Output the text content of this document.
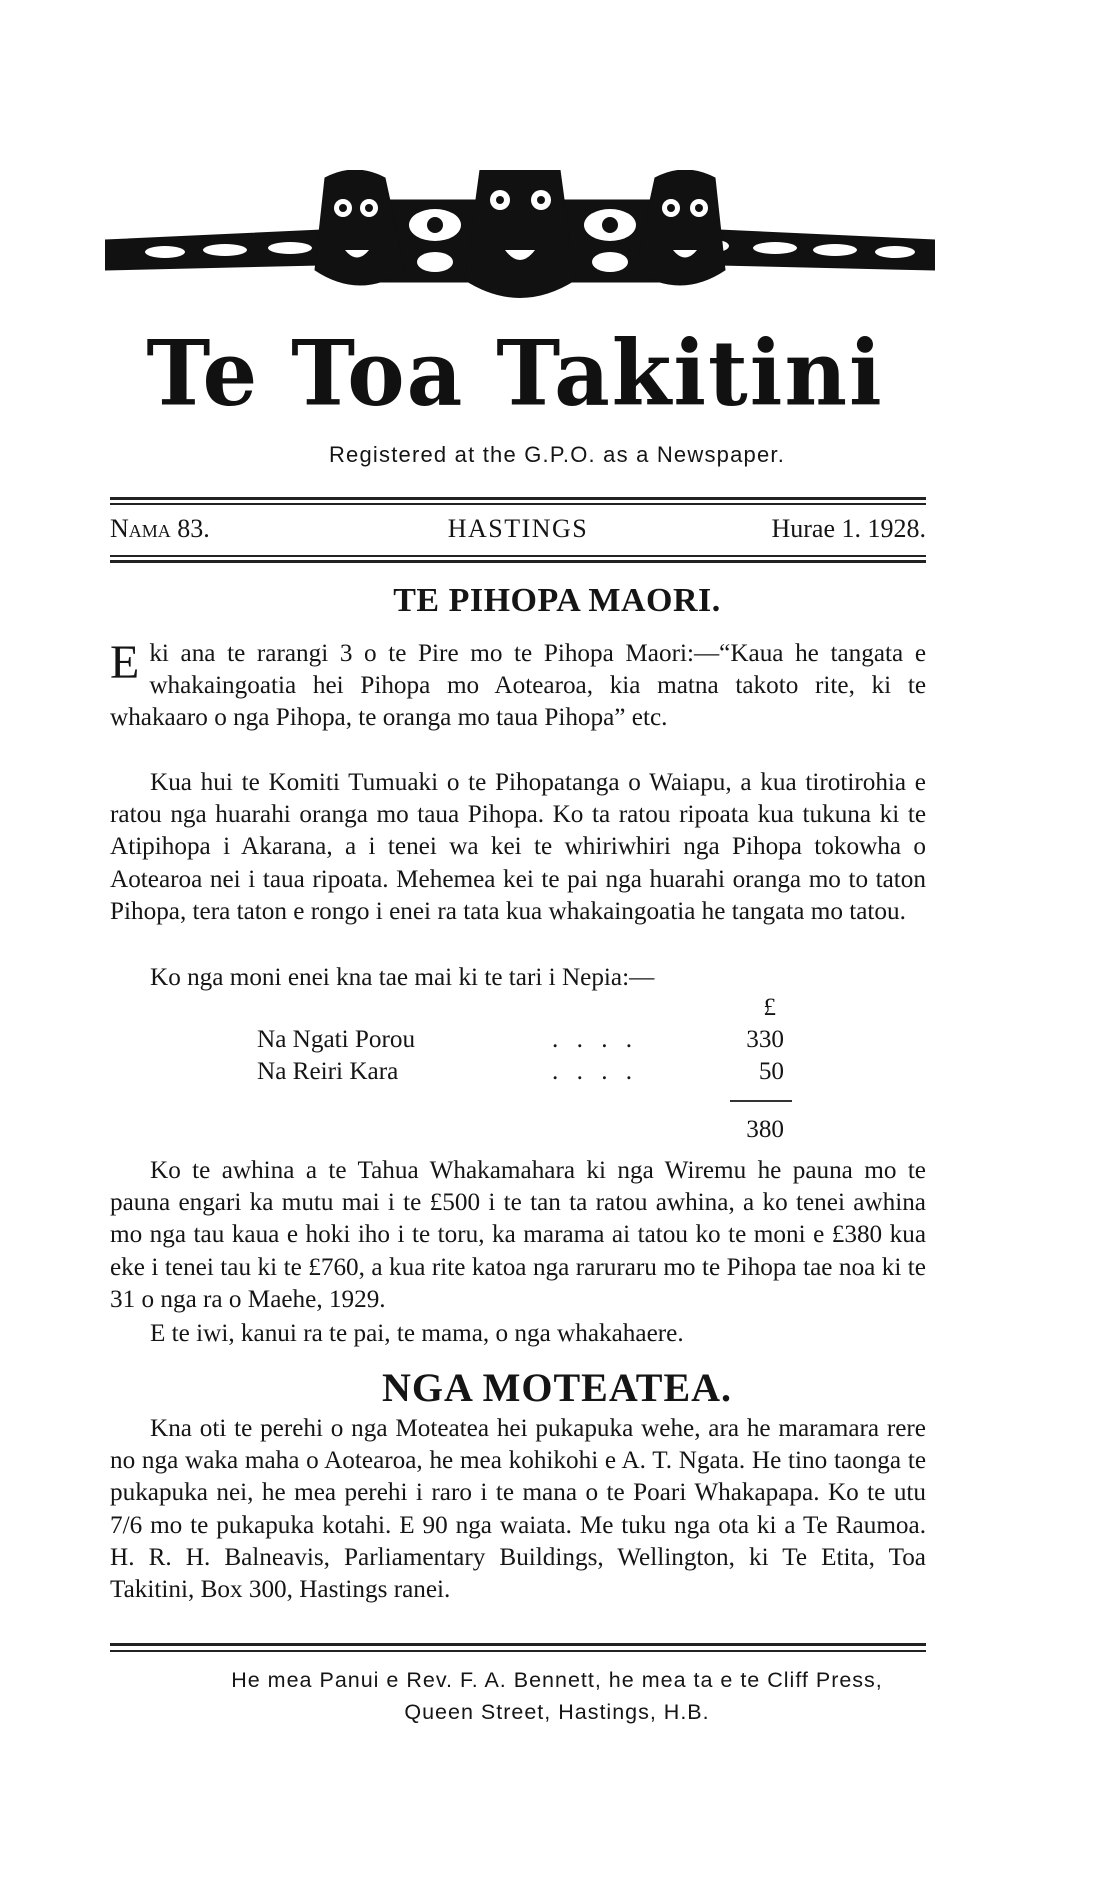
Te Toa Takitini
Registered at the G.P.O. as a Newspaper.
Nama 83.	HASTINGS	Hurae 1. 1928.
TE PIHOPA MAORI.

Eki ana te rarangi 3 o te Pire mo te Pihopa Maori:—“Kaua he tangata e whakaingoatia hei Pihopa mo Aotearoa, kia matna takoto rite, ki te whakaaro o nga Pihopa, te oranga mo taua Pihopa” etc.

Kua hui te Komiti Tumuaki o te Pihopatanga o Waiapu, a kua tirotirohia e ratou nga huarahi oranga mo taua Pihopa. Ko ta ratou ripoata kua tukuna ki te Atipihopa i Akarana, a i tenei wa kei te whiriwhiri nga Pihopa tokowha o Aotearoa nei i taua ripoata. Mehemea kei te pai nga huarahi oranga mo to taton Pihopa, tera taton e rongo i enei ra tata kua whakaingoatia he tangata mo tatou.

Ko nga moni enei kna tae mai ki te tari i Nepia:—

£
Na Ngati Porou	. . . .	330
Na Reiri Kara	. . . .	50
380

Ko te awhina a te Tahua Whakamahara ki nga Wiremu he pauna mo te pauna engari ka mutu mai i te £500 i te tan ta ratou awhina, a ko tenei awhina mo nga tau kaua e hoki iho i te toru, ka marama ai tatou ko te moni e £380 kua eke i tenei tau ki te £760, a kua rite katoa nga raruraru mo te Pihopa tae noa ki te 31 o nga ra o Maehe, 1929.

E te iwi, kanui ra te pai, te mama, o nga whakahaere.

NGA MOTEATEA.

Kna oti te perehi o nga Moteatea hei pukapuka wehe, ara he maramara rere no nga waka maha o Aotearoa, he mea kohikohi e A. T. Ngata. He tino taonga te pukapuka nei, he mea perehi i raro i te mana o te Poari Whakapapa. Ko te utu 7/6 mo te pukapuka kotahi. E 90 nga waiata. Me tuku nga ota ki a Te Raumoa. H. R. H. Balneavis, Parliamentary Buildings, Wellington, ki Te Etita, Toa Takitini, Box 300, Hastings ranei.

He mea Panui e Rev. F. A. Bennett, he mea ta e te Cliff Press,
Queen Street, Hastings, H.B.
